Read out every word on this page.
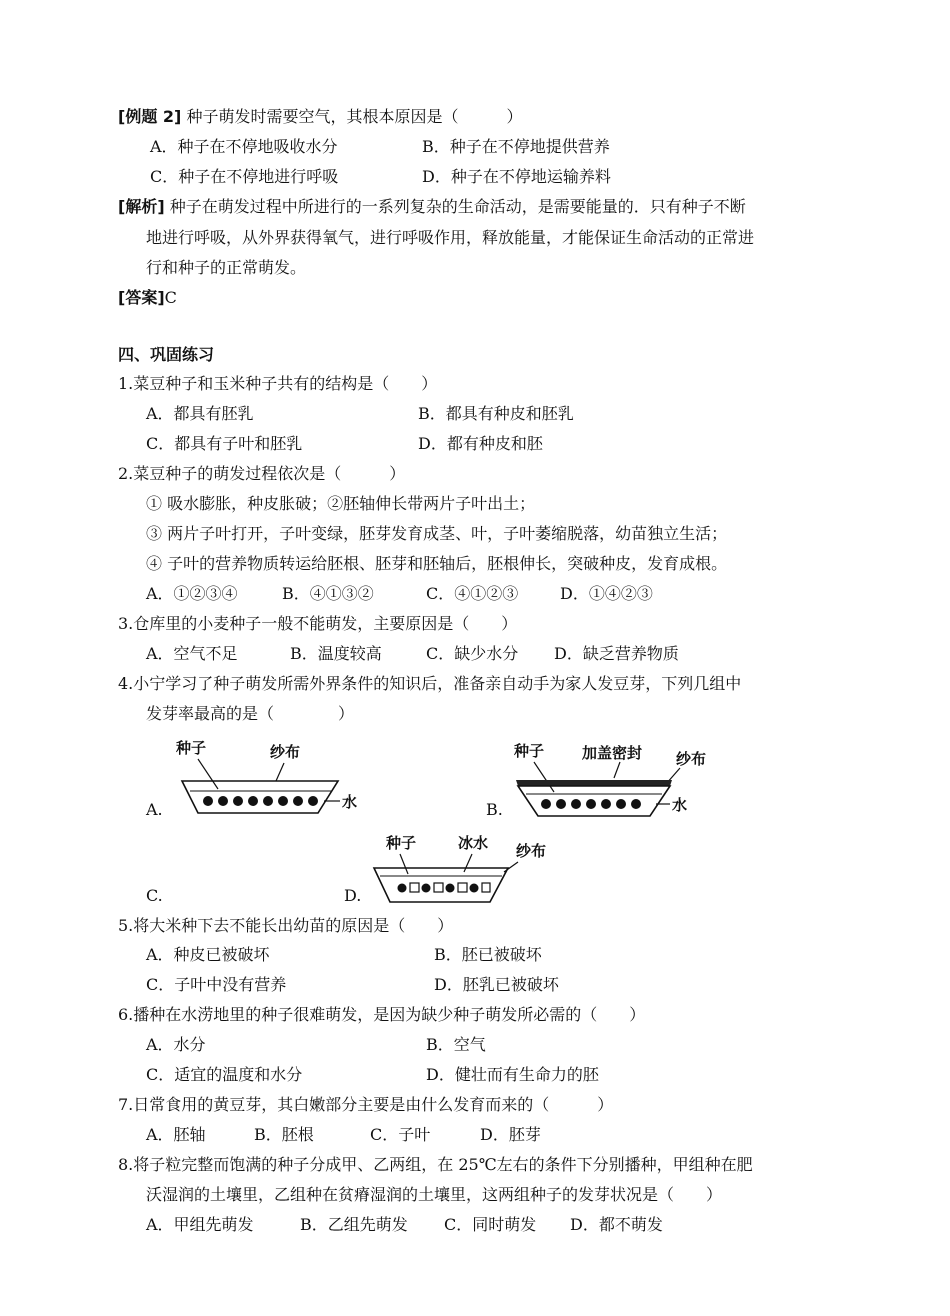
[例题 2] 种子萌发时需要空气，其根本原因是（　　　）
A．种子在不停地吸收水分	B．种子在不停地提供营养
C．种子在不停地进行呼吸	D．种子在不停地运输养料
[解析] 种子在萌发过程中所进行的一系列复杂的生命活动，是需要能量的．只有种子不断
地进行呼吸，从外界获得氧气，进行呼吸作用，释放能量，才能保证生命活动的正常进
行和种子的正常萌发。
[答案]C
四、巩固练习
1.菜豆种子和玉米种子共有的结构是（　　）
A．都具有胚乳	B．都具有种皮和胚乳
C．都具有子叶和胚乳	D．都有种皮和胚
2.菜豆种子的萌发过程依次是（　　　）
① 吸水膨胀，种皮胀破；②胚轴伸长带两片子叶出土；
③ 两片子叶打开，子叶变绿，胚芽发育成茎、叶，子叶萎缩脱落，幼苗独立生活；
④ 子叶的营养物质转运给胚根、胚芽和胚轴后，胚根伸长，突破种皮，发育成根。
A．①②③④	B．④①③②	C．④①②③	D．①④②③
3.仓库里的小麦种子一般不能萌发，主要原因是（　　）
A．空气不足	B．温度较高	C．缺少水分 D．缺乏营养物质
4.小宁学习了种子萌发所需外界条件的知识后，准备亲自动手为家人发豆芽，下列几组中
发芽率最高的是（　　　　）
种子	纱布
水
A.
种子	加盖密封 纱布
水
B.
种子	冰水 纱布
C.	D.
5.将大米种下去不能长出幼苗的原因是（　　）
A．种皮已被破坏	B．胚已被破坏
C．子叶中没有营养	D．胚乳已被破坏
6.播种在水涝地里的种子很难萌发，是因为缺少种子萌发所必需的（　　）
A．水分	B．空气
C．适宜的温度和水分	D．健壮而有生命力的胚
7.日常食用的黄豆芽，其白嫩部分主要是由什么发育而来的（　　　）
A．胚轴	B．胚根	C．子叶	D．胚芽
8.将子粒完整而饱满的种子分成甲、乙两组，在 25℃左右的条件下分别播种，甲组种在肥
沃湿润的土壤里，乙组种在贫瘠湿润的土壤里，这两组种子的发芽状况是（　　）
A．甲组先萌发	B．乙组先萌发 C．同时萌发 D．都不萌发
